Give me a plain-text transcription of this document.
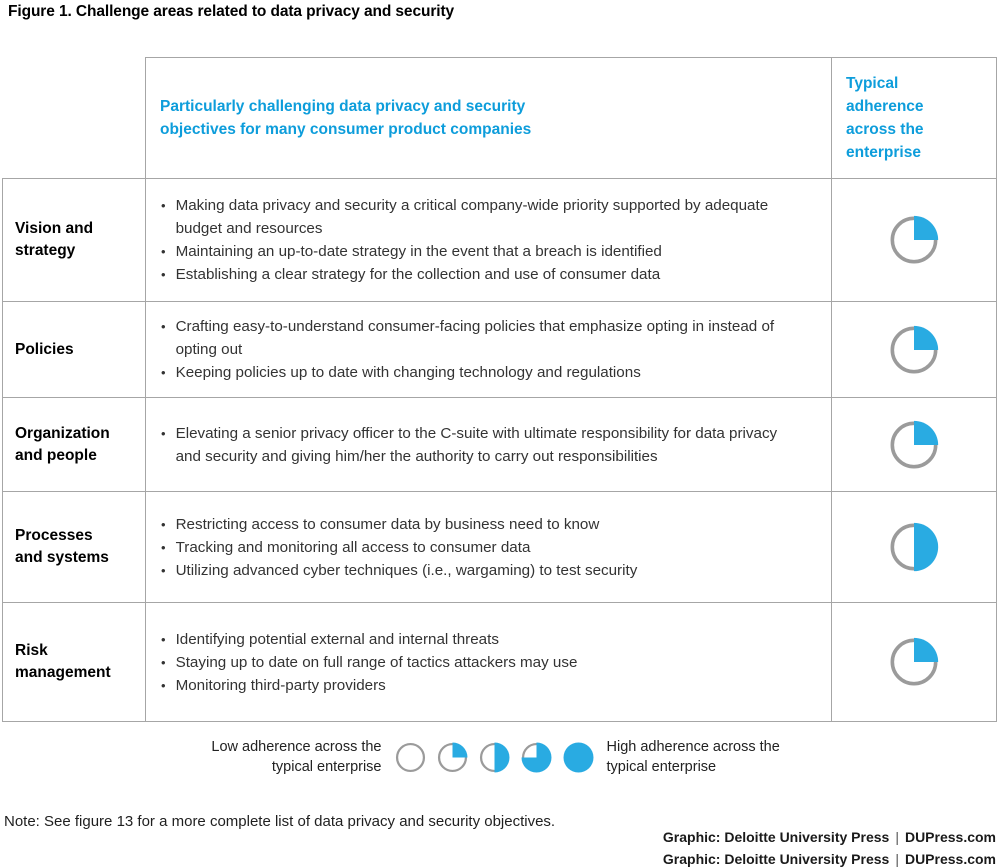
Figure 1. Challenge areas related to data privacy and security
Particularly challenging data privacy and security objectives for many consumer product companies
Typical adherence across the enterprise
Vision and strategy
• Making data privacy and security a critical company-wide priority supported by adequate budget and resources
• Maintaining an up-to-date strategy in the event that a breach is identified
• Establishing a clear strategy for the collection and use of consumer data
Policies
• Crafting easy-to-understand consumer-facing policies that emphasize opting in instead of opting out
• Keeping policies up to date with changing technology and regulations
Organization and people
• Elevating a senior privacy officer to the C-suite with ultimate responsibility for data privacy and security and giving him/her the authority to carry out responsibilities
Processes and systems
• Restricting access to consumer data by business need to know
• Tracking and monitoring all access to consumer data
• Utilizing advanced cyber techniques (i.e., wargaming) to test security
Risk management
• Identifying potential external and internal threats
• Staying up to date on full range of tactics attackers may use
• Monitoring third-party providers
Low adherence across the typical enterprise
High adherence across the typical enterprise
Note: See figure 13 for a more complete list of data privacy and security objectives.
Graphic: Deloitte University Press | DUPress.com
Graphic: Deloitte University Press | DUPress.com
